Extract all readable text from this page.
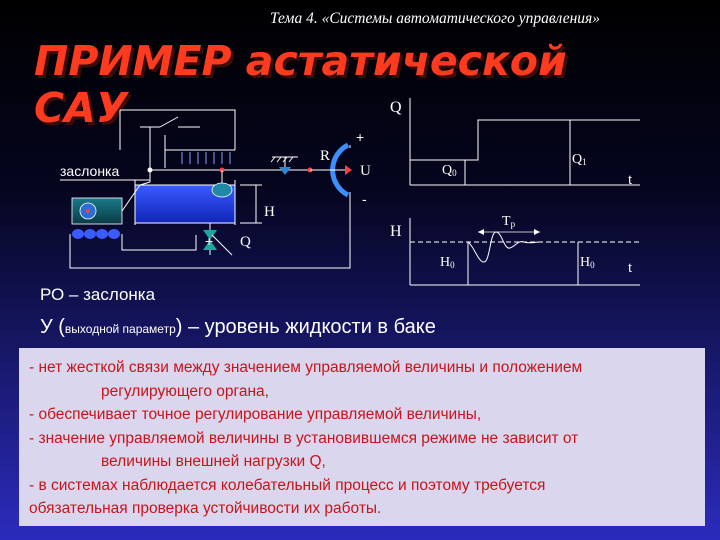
Тема 4. «Системы автоматического управления»
ПРИМЕР астатической САУ
заслонка
H
+ Q
R
+
U
-
Q
t
Q0
Q1
H
t
Tр
H0	H0
РО – заслонка
У (выходной параметр) – уровень жидкости в баке

- нет жесткой связи между значением управляемой величины и положением

регулирующего органа,

- обеспечивает точное регулирование управляемой величины,

- значение управляемой величины в установившемся режиме не зависит от

величины внешней нагрузки Q,

- в системах наблюдается колебательный процесс и поэтому требуется

обязательная проверка устойчивости их работы.
